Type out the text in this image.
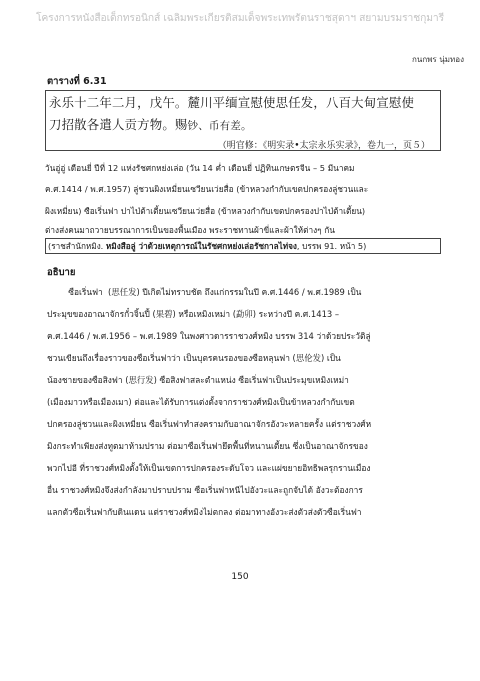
โครงการหนังสือเด็กทรอนิกส์ เฉลิมพระเกียรติสมเด็จพระเทพรัตนราชสุดาฯ สยามบรมราชกุมารี
กนกพร นุ่มทอง
ตารางที่ 6.31
永乐十二年二月，戊午。麓川平缅宣慰使思任发，八百大甸宣慰使
刀招散各遣人贡方物。赐钞、币有差。
（明官修：《明实录•太宗永乐实录》，卷九一，页５）
วันอู่อู่ เดือนยี่ ปีที่ 12 แห่งรัชศกหย่งเล่อ (วัน 14 ค่ำ เดือนยี่ ปฏิทินเกษตรจีน – 5 มีนาคม
ค.ศ.1414 / พ.ศ.1957) ลู่ชวนผิงเหมี่ยนเซวียนเว่ยสื่อ (ข้าหลวงกำกับเขตปกครองลู่ชวนและ
ผิงเหมี่ยน) ซือเริ่นฟา ปาไป่ต้าเตี้ยนเซวียนเว่ยสื่อ (ข้าหลวงกำกับเขตปกครองปาไป่ต้าเตี้ยน)
ต่างส่งคนมาถวายบรรณาการเป็นของพื้นเมือง พระราชทานผ้าขี่และผ้าให้ต่างๆ กัน
(ราชสำนักหมิง. หมิงสือลู่ ว่าด้วยเหตุการณ์ในรัชศกหย่งเล่อรัชกาลไท่จง, บรรพ 91. หน้า 5)
อธิบาย
ซือเริ่นฟา  (思任发) ปีเกิดไม่ทราบชัด ถึงแก่กรรมในปี ค.ศ.1446 / พ.ศ.1989 เป็น
ประมุขของอาณาจักรกั๋วจิ้นปี้ (果碧) หรือเหมิงเหม่า (勐卯) ระหว่างปี ค.ศ.1413 –
ค.ศ.1446 / พ.ศ.1956 – พ.ศ.1989 ในพงศาวดารราชวงศ์หมิง บรรพ 314 ว่าด้วยประวัติลู่
ชวนเขียนถึงเรื่องราวของซือเริ่นฟาว่า เป็นบุตรคนรองของซือหลุนฟา (思伦发) เป็น
น้องชายของซือสิงฟา (思行发) ซือสิงฟาสละตำแหน่ง ซือเริ่นฟาเป็นประมุขเหมิงเหม่า
(เมืองมาวหรือเมืองเมา) ต่อและได้รับการแต่งตั้งจากราชวงศ์หมิงเป็นข้าหลวงกำกับเขต
ปกครองลู่ชวนและผิงเหมี่ยน ซือเริ่นฟาทำสงครามกับอาณาจักรอังวะหลายครั้ง แต่ราชวงศ์ห
มิงกระทำเพียงส่งทูตมาห้ามปราม ต่อมาซือเริ่นฟายึดพื้นที่หนานเตี้ยน ซึ่งเป็นอาณาจักรของ
พวกไปอี ที่ราชวงศ์หมิงตั้งให้เป็นเขตการปกครองระดับโจว และแผ่ขยายอิทธิพลรุกรานเมือง
อื่น ราชวงศ์หมิงจึงส่งกำลังมาปราบปราม ซือเริ่นฟาหนีไปอังวะและถูกจับได้ อังวะต้องการ
แลกตัวซือเริ่นฟากับดินแดน แต่ราชวงศ์หมิงไม่ตกลง ต่อมาทางอังวะส่งตัวส่งตัวซือเริ่นฟา
150
